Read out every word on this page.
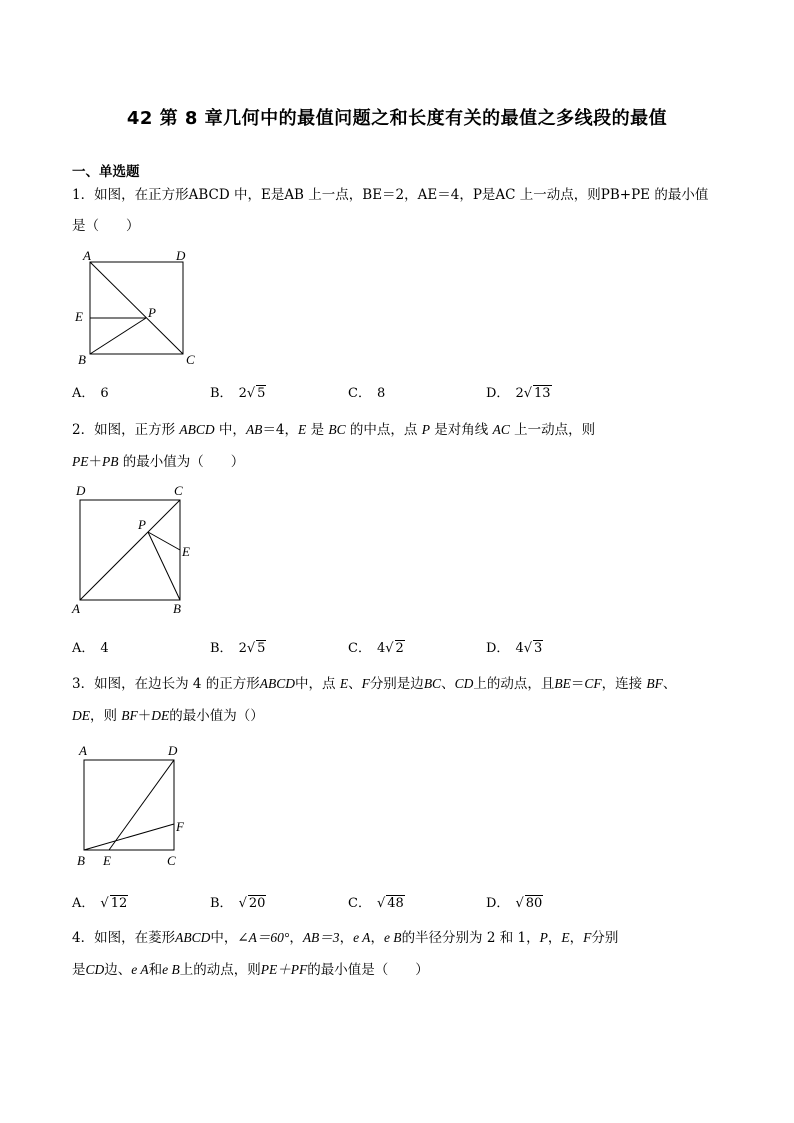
42 第 8 章几何中的最值问题之和长度有关的最值之多线段的最值
一、单选题
1．如图，在正方形ABCD 中，E是AB 上一点，BE＝2，AE＝4，P是AC 上一动点，则PB+PE 的最小值
是（　　）
A	D
E	P
B	C
A． 6	B． 2√ 5	C． 8	D． 2√ 13
2．如图，正方形 ABCD 中，AB＝4，E 是 BC 的中点，点 P 是对角线 AC 上一动点，则
PE＋PB 的最小值为（　　）
D	C
P
E
A	B
A． 4	B． 2√ 5	C． 4√ 2	D． 4√ 3
3．如图，在边长为 4 的正方形ABCD中，点 E、F分别是边BC、CD上的动点，且BE＝CF，连接 BF、
DE，则 BF＋DE的最小值为（）
A	D
F
B E	C
A． √ 12	B． √ 20	C． √ 48	D． √ 80
4．如图，在菱形ABCD中，∠A＝60°，AB＝3，e A，e B的半径分别为 2 和 1，P，E，F分别
是CD边、e A和e B上的动点，则PE＋PF的最小值是（　　）
